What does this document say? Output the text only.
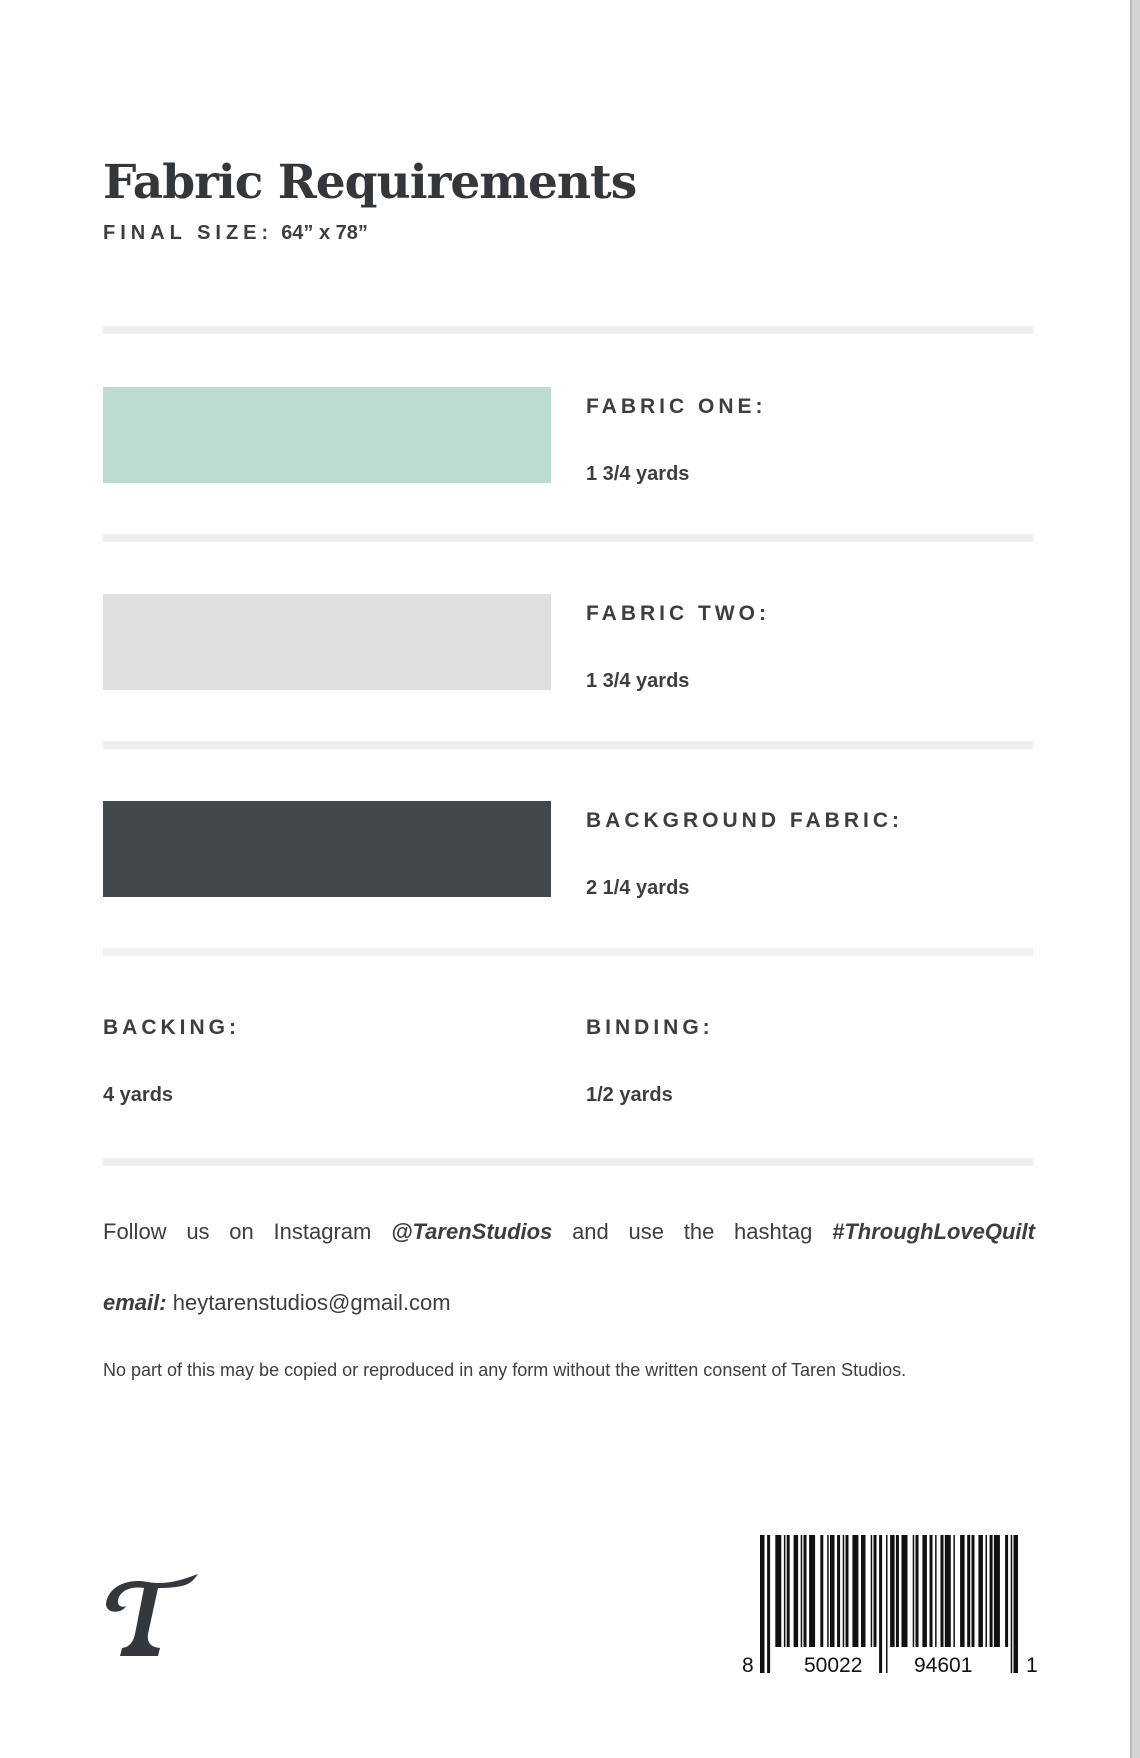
Fabric Requirements
FINAL SIZE: 64” x 78”
FABRIC ONE:
1 3/4 yards
FABRIC TWO:
1 3/4 yards
BACKGROUND FABRIC:
2 1/4 yards
BACKING:
4 yards
BINDING:
1/2 yards
Follow us on Instagram @TarenStudios and use the hashtag #ThroughLoveQuilt
email: heytarenstudios@gmail.com
No part of this may be copied or reproduced in any form without the written consent of Taren Studios.
8 50022 94601	1
